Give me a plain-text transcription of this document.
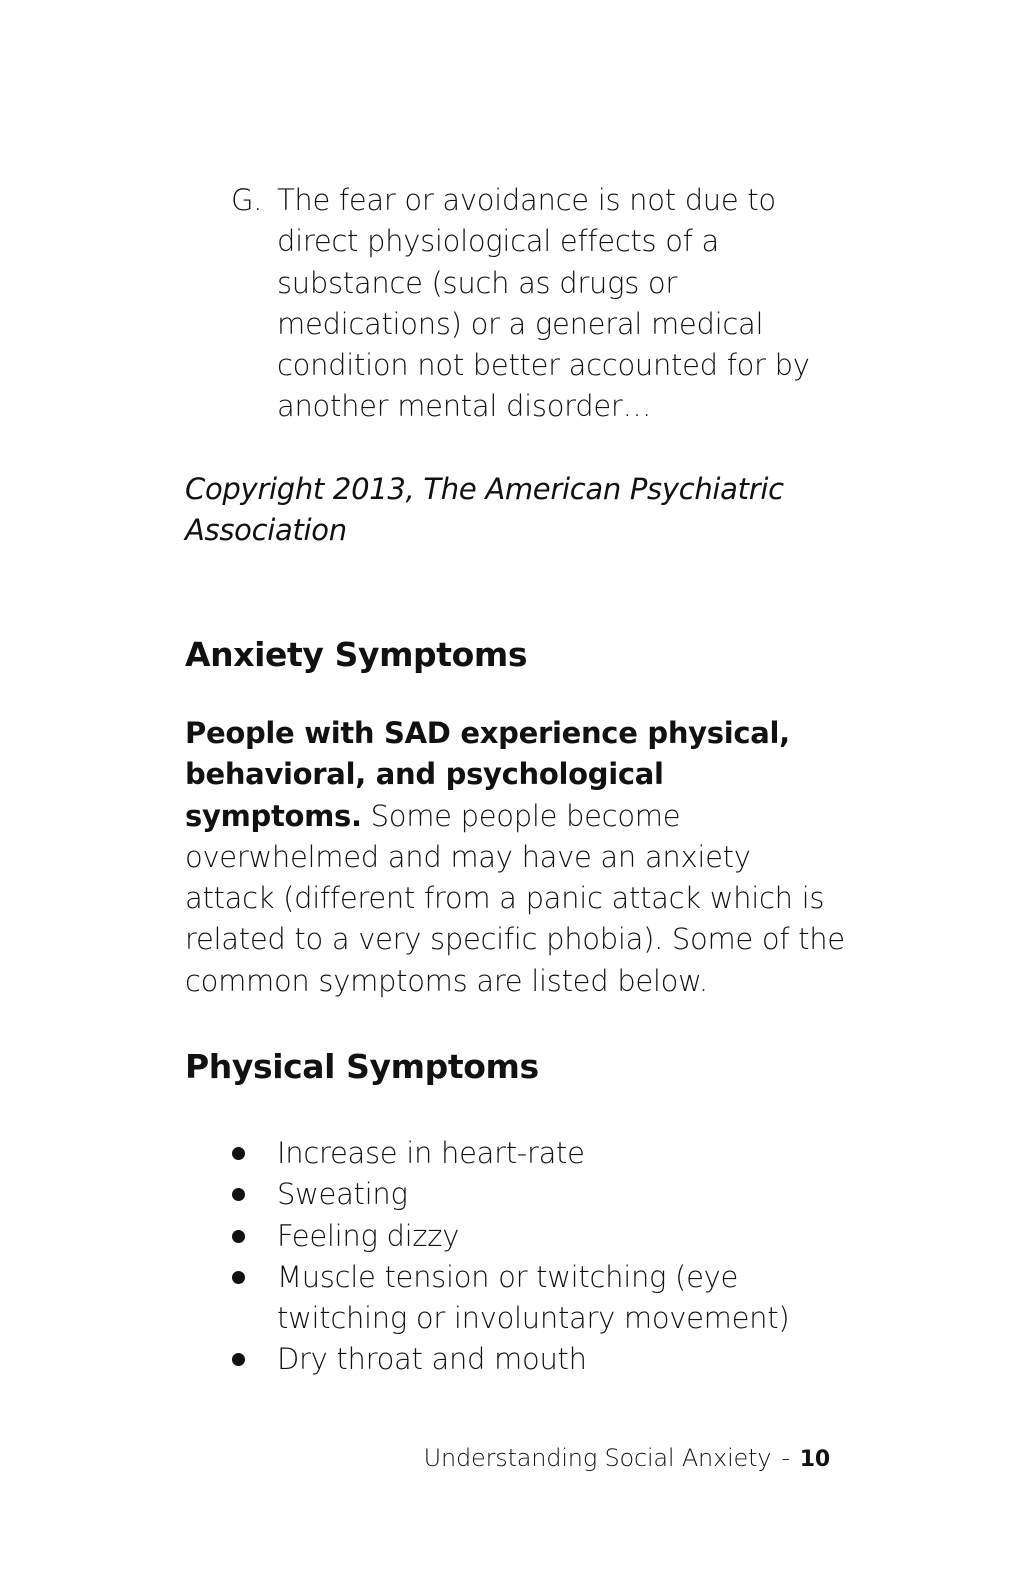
G. The fear or avoidance is not due to direct physiological effects of a substance (such as drugs or medications) or a general medical condition not better accounted for by another mental disorder…
Copyright 2013, The American Psychiatric Association
Anxiety Symptoms

People with SAD experience physical, behavioral, and psychological symptoms. Some people become overwhelmed and may have an anxiety attack (different from a panic attack which is related to a very specific phobia). Some of the common symptoms are listed below.

Physical Symptoms
Increase in heart-rate
Sweating
Feeling dizzy
Muscle tension or twitching (eye twitching or involuntary movement)
Dry throat and mouth
Understanding Social Anxiety - 10
